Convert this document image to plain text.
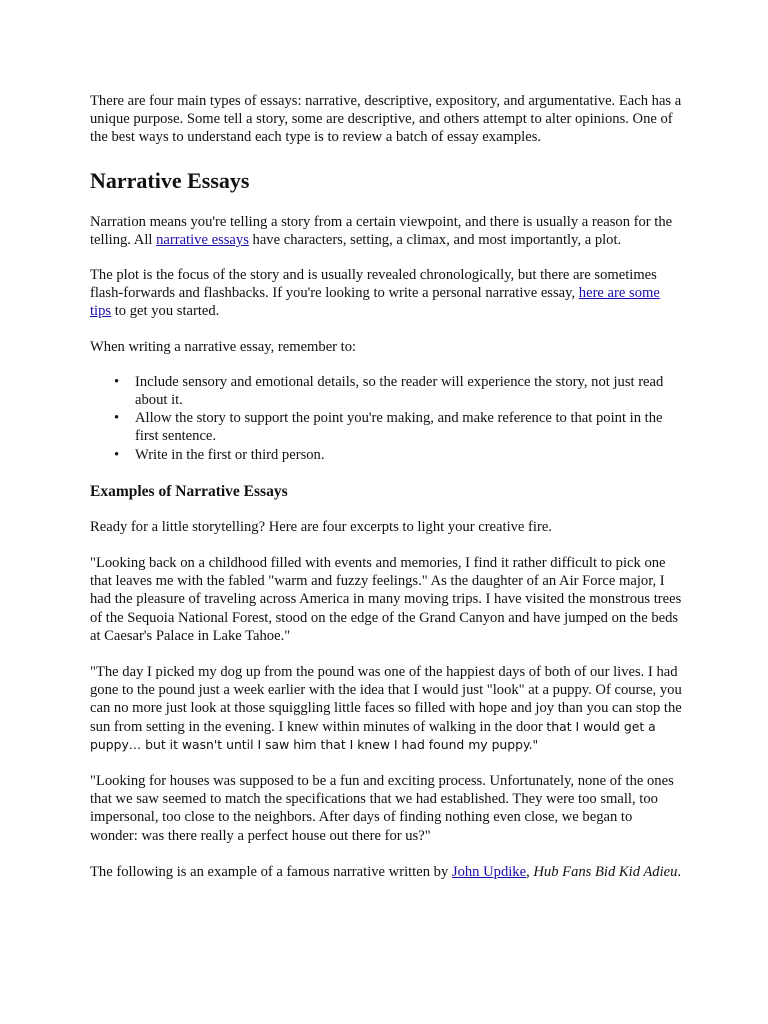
There are four main types of essays: narrative, descriptive, expository, and argumentative. Each has a unique purpose. Some tell a story, some are descriptive, and others attempt to alter opinions. One of the best ways to understand each type is to review a batch of essay examples.

Narrative Essays

Narration means you're telling a story from a certain viewpoint, and there is usually a reason for the telling. All narrative essays have characters, setting, a climax, and most importantly, a plot.

The plot is the focus of the story and is usually revealed chronologically, but there are sometimes flash-forwards and flashbacks. If you're looking to write a personal narrative essay, here are some tips to get you started.

When writing a narrative essay, remember to:

• Include sensory and emotional details, so the reader will experience the story, not just read about it.
• Allow the story to support the point you're making, and make reference to that point in the first sentence.
• Write in the first or third person.
Examples of Narrative Essays

Ready for a little storytelling? Here are four excerpts to light your creative fire.

"Looking back on a childhood filled with events and memories, I find it rather difficult to pick one that leaves me with the fabled "warm and fuzzy feelings." As the daughter of an Air Force major, I had the pleasure of traveling across America in many moving trips. I have visited the monstrous trees of the Sequoia National Forest, stood on the edge of the Grand Canyon and have jumped on the beds at Caesar's Palace in Lake Tahoe."

"The day I picked my dog up from the pound was one of the happiest days of both of our lives. I had gone to the pound just a week earlier with the idea that I would just "look" at a puppy. Of course, you can no more just look at those squiggling little faces so filled with hope and joy than you can stop the sun from setting in the evening. I knew within minutes of walking in the door that I would get a puppy… but it wasn't until I saw him that I knew I had found my puppy."

"Looking for houses was supposed to be a fun and exciting process. Unfortunately, none of the ones that we saw seemed to match the specifications that we had established. They were too small, too impersonal, too close to the neighbors. After days of finding nothing even close, we began to wonder: was there really a perfect house out there for us?"

The following is an example of a famous narrative written by John Updike, Hub Fans Bid Kid Adieu.
